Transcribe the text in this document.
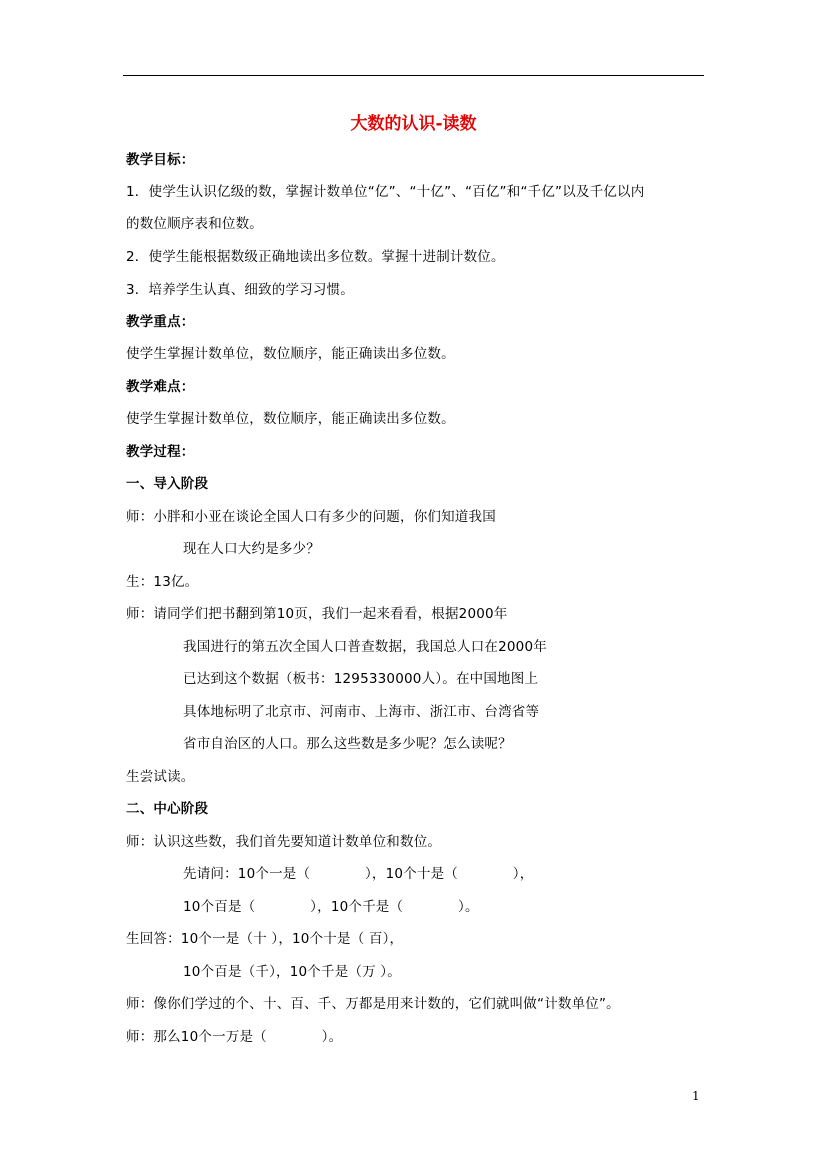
大数的认识-读数
教学目标：
1．使学生认识亿级的数，掌握计数单位“亿”、“十亿”、“百亿”和“千亿”以及千亿以内
的数位顺序表和位数。
2．使学生能根据数级正确地读出多位数。掌握十进制计数位。
3．培养学生认真、细致的学习习惯。
教学重点：
使学生掌握计数单位，数位顺序，能正确读出多位数。
教学难点：
使学生掌握计数单位，数位顺序，能正确读出多位数。
教学过程：
一、导入阶段
师：小胖和小亚在谈论全国人口有多少的问题，你们知道我国
现在人口大约是多少？
生：13亿。
师：请同学们把书翻到第10页，我们一起来看看，根据2000年
我国进行的第五次全国人口普查数据，我国总人口在2000年
已达到这个数据（板书：1295330000人）。在中国地图上
具体地标明了北京市、河南市、上海市、浙江市、台湾省等
省市自治区的人口。那么这些数是多少呢？怎么读呢？
生尝试读。
二、中心阶段
师：认识这些数，我们首先要知道计数单位和数位。
先请问：10个一是（　　　　），10个十是（　　　　），
10个百是（　　　　），10个千是（　　　　）。
生回答：10个一是（十 ），10个十是（ 百），
10个百是（千），10个千是（万 ）。
师：像你们学过的个、十、百、千、万都是用来计数的，它们就叫做“计数单位”。
师：那么10个一万是（　　　　）。
1
